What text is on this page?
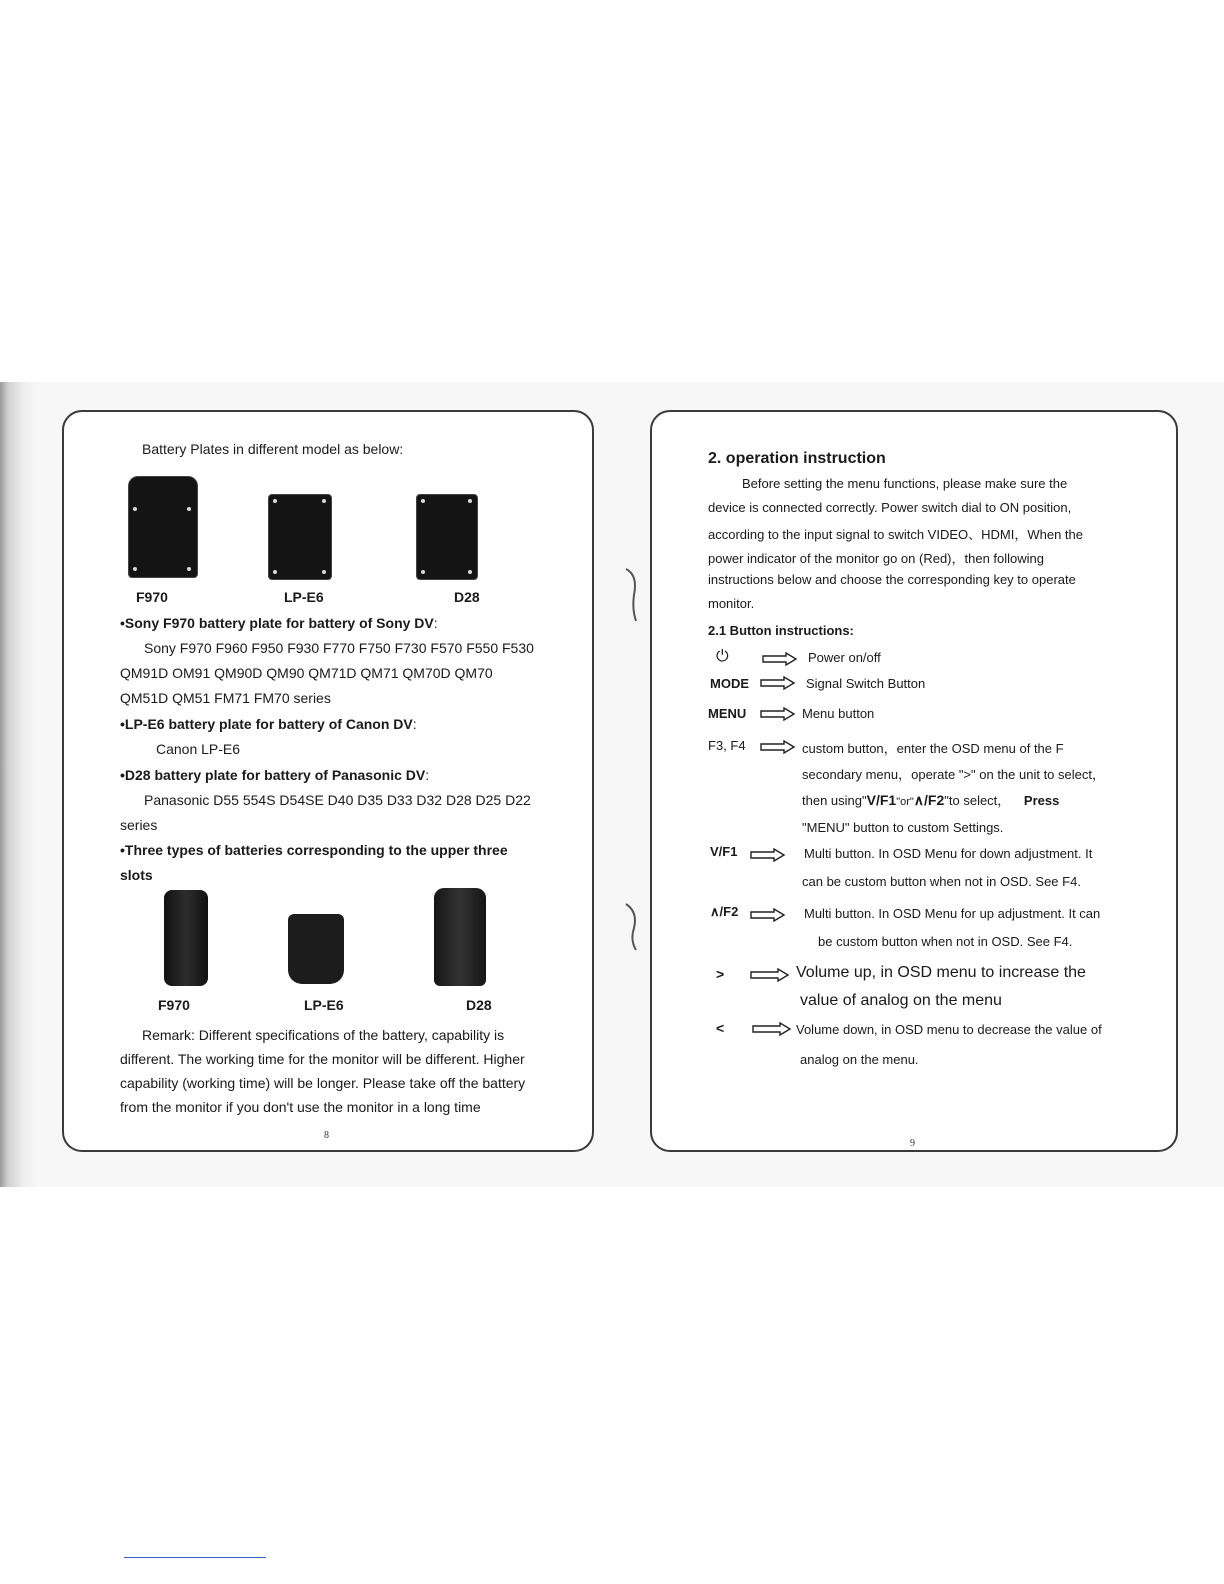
Battery Plates in different model as below:
F970	LP-E6	D28
•Sony F970 battery plate for battery of Sony DV:
Sony F970 F960 F950 F930 F770 F750 F730 F570 F550 F530
QM91D OM91 QM90D QM90 QM71D QM71 QM70D QM70
QM51D QM51 FM71 FM70 series
•LP-E6 battery plate for battery of Canon DV:
Canon LP-E6
•D28 battery plate for battery of Panasonic DV:
Panasonic D55 554S D54SE D40 D35 D33 D32 D28 D25 D22
series
•Three types of batteries corresponding to the upper three
slots
F970	LP-E6	D28
Remark: Different specifications of the battery, capability is
different. The working time for the monitor will be different. Higher
capability (working time) will be longer. Please take off the battery
from the monitor if you don't use the monitor in a long time
8
2. operation instruction
Before setting the menu functions, please make sure the
device is connected correctly. Power switch dial to ON position,
according to the input signal to switch VIDEO、HDMI，When the
power indicator of the monitor go on (Red)，then following
instructions below and choose the corresponding key to operate
monitor.
2.1 Button instructions:
⏻	Power on/off
MODE	Signal Switch Button
MENU	Menu button
F3, F4	custom button，enter the OSD menu of the F
secondary menu，operate ">" on the unit to select，
then using"V/F1"or"∧/F2"to select， Press
"MENU" button to custom Settings.
V/F1	Multi button. In OSD Menu for down adjustment. It
can be custom button when not in OSD. See F4.
∧/F2	Multi button. In OSD Menu for up adjustment. It can
be custom button when not in OSD. See F4.
>	Volume up, in OSD menu to increase the
value of analog on the menu
<	Volume down, in OSD menu to decrease the value of
analog on the menu.
9
